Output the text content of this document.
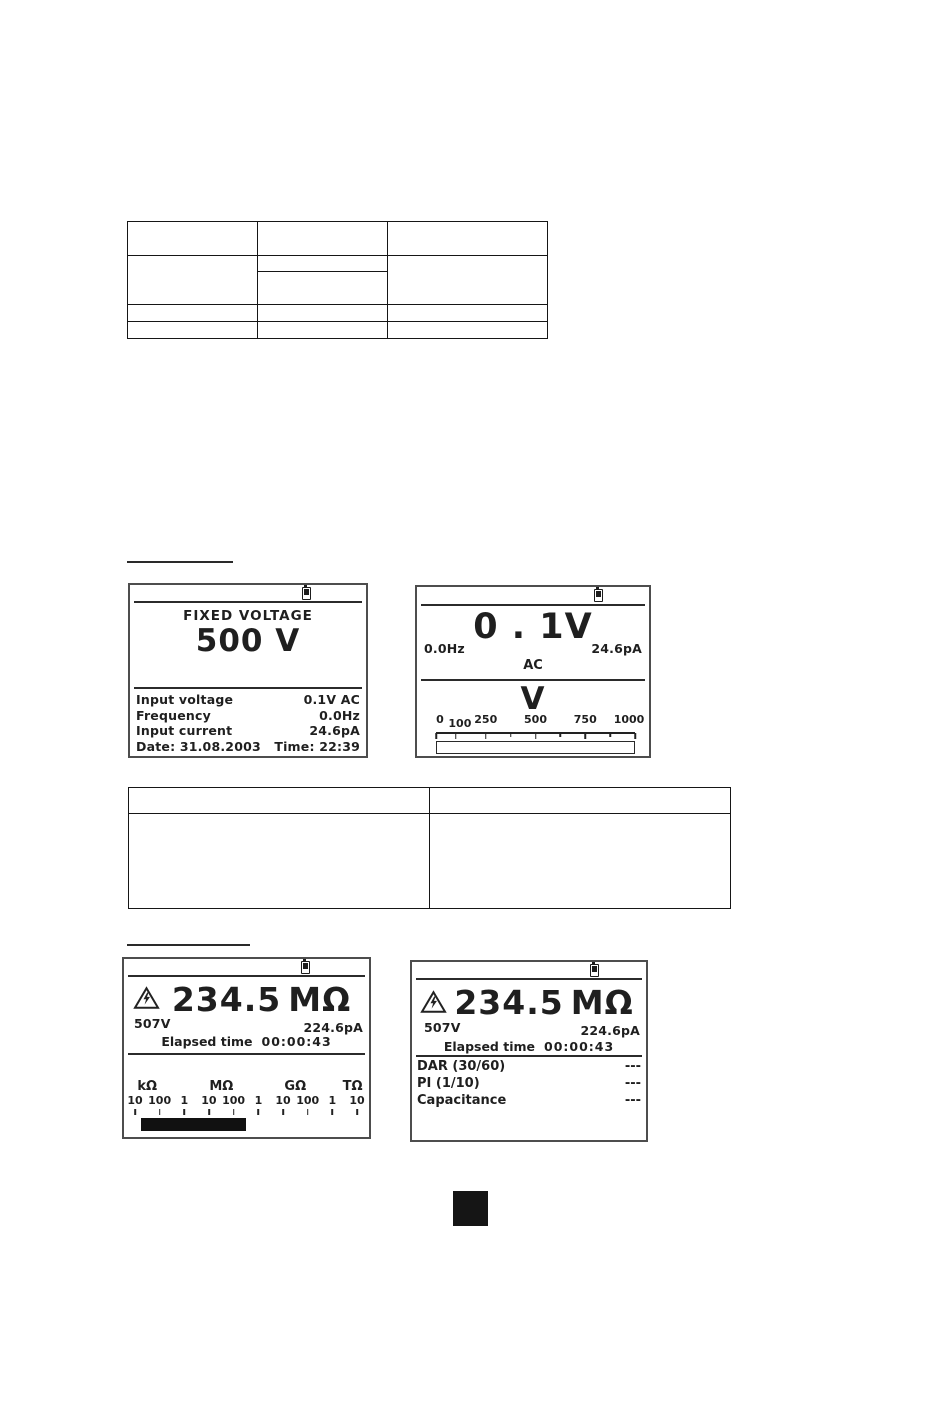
FIXED VOLTAGE
500 V
Input voltage	0.1V AC
Frequency	0.0Hz
Input current	24.6pA
Date: 31.08.2003 Time: 22:39
0 . 1V
0.0Hz	24.6pA
AC
V
0 100 250 500 750 1000

234.5 MΩ
507V	224.6pA
Elapsed time 00:00:43
kΩ	MΩ	GΩ	TΩ
10 100 1 10 100 1 10 100 1 10
234.5 MΩ
507V	224.6pA
Elapsed time 00:00:43
DAR (30/60)	---
PI (1/10)	---
Capacitance	---
